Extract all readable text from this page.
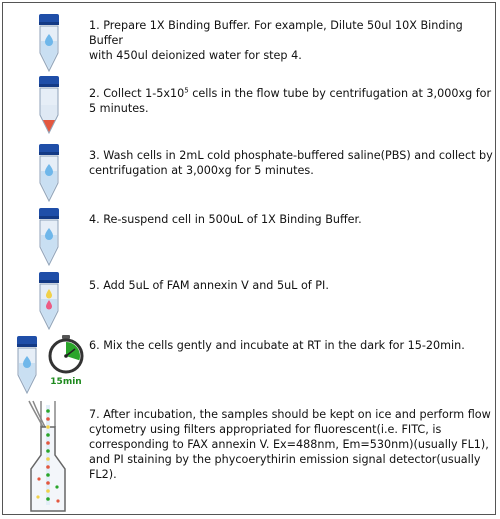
1. Prepare 1X Binding Buffer. For example, Dilute 50ul 10X Binding Buffer
with 450ul deionized water for step 4.

2. Collect $1-5x10^5$ cells in the flow tube by centrifugation at 3,000xg for
5 minutes.

3. Wash cells in 2mL cold phosphate-buffered saline(PBS) and collect by
centrifugation at 3,000xg for 5 minutes.

4. Re-suspend cell in 500uL of 1X Binding Buffer.

5. Add 5uL of FAM annexin V and 5uL of PI.

15min

6. Mix the cells gently and incubate at RT in the dark for 15-20min.

7. After incubation, the samples should be kept on ice and perform flow
cytometry using filters appropriated for fluorescent(i.e. FITC, is
corresponding to FAX annexin V. Ex=488nm, Em=530nm)(usually FL1),
and PI staining by the phycoerythirin emission signal detector(usually
FL2).
